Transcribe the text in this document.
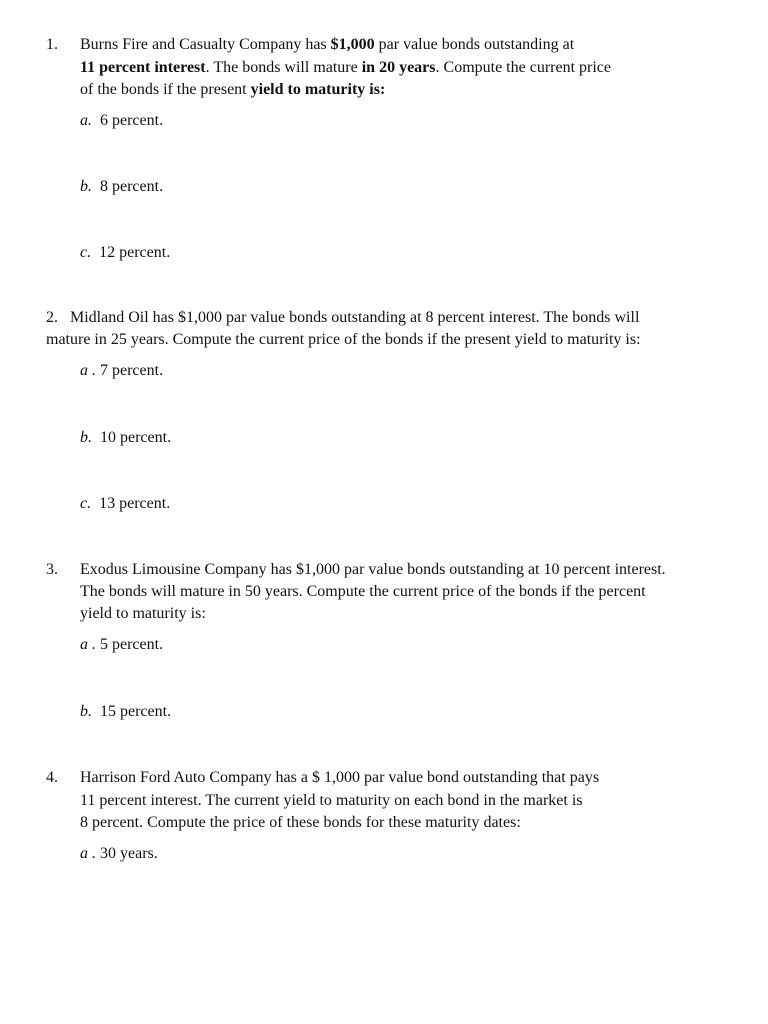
1. Burns Fire and Casualty Company has $1,000 par value bonds outstanding at
11 percent interest. The bonds will mature in 20 years. Compute the current price
of the bonds if the present yield to maturity is:
a. 6 percent.
b. 8 percent.
c. 12 percent.
2. Midland Oil has $1,000 par value bonds outstanding at 8 percent interest. The bonds will
mature in 25 years. Compute the current price of the bonds if the present yield to maturity is:
a . 7 percent.
b. 10 percent.
c. 13 percent.
3. Exodus Limousine Company has $1,000 par value bonds outstanding at 10 percent interest.
The bonds will mature in 50 years. Compute the current price of the bonds if the percent
yield to maturity is:
a . 5 percent.
b. 15 percent.
4. Harrison Ford Auto Company has a $ 1,000 par value bond outstanding that pays
11 percent interest. The current yield to maturity on each bond in the market is
8 percent. Compute the price of these bonds for these maturity dates:
a . 30 years.
